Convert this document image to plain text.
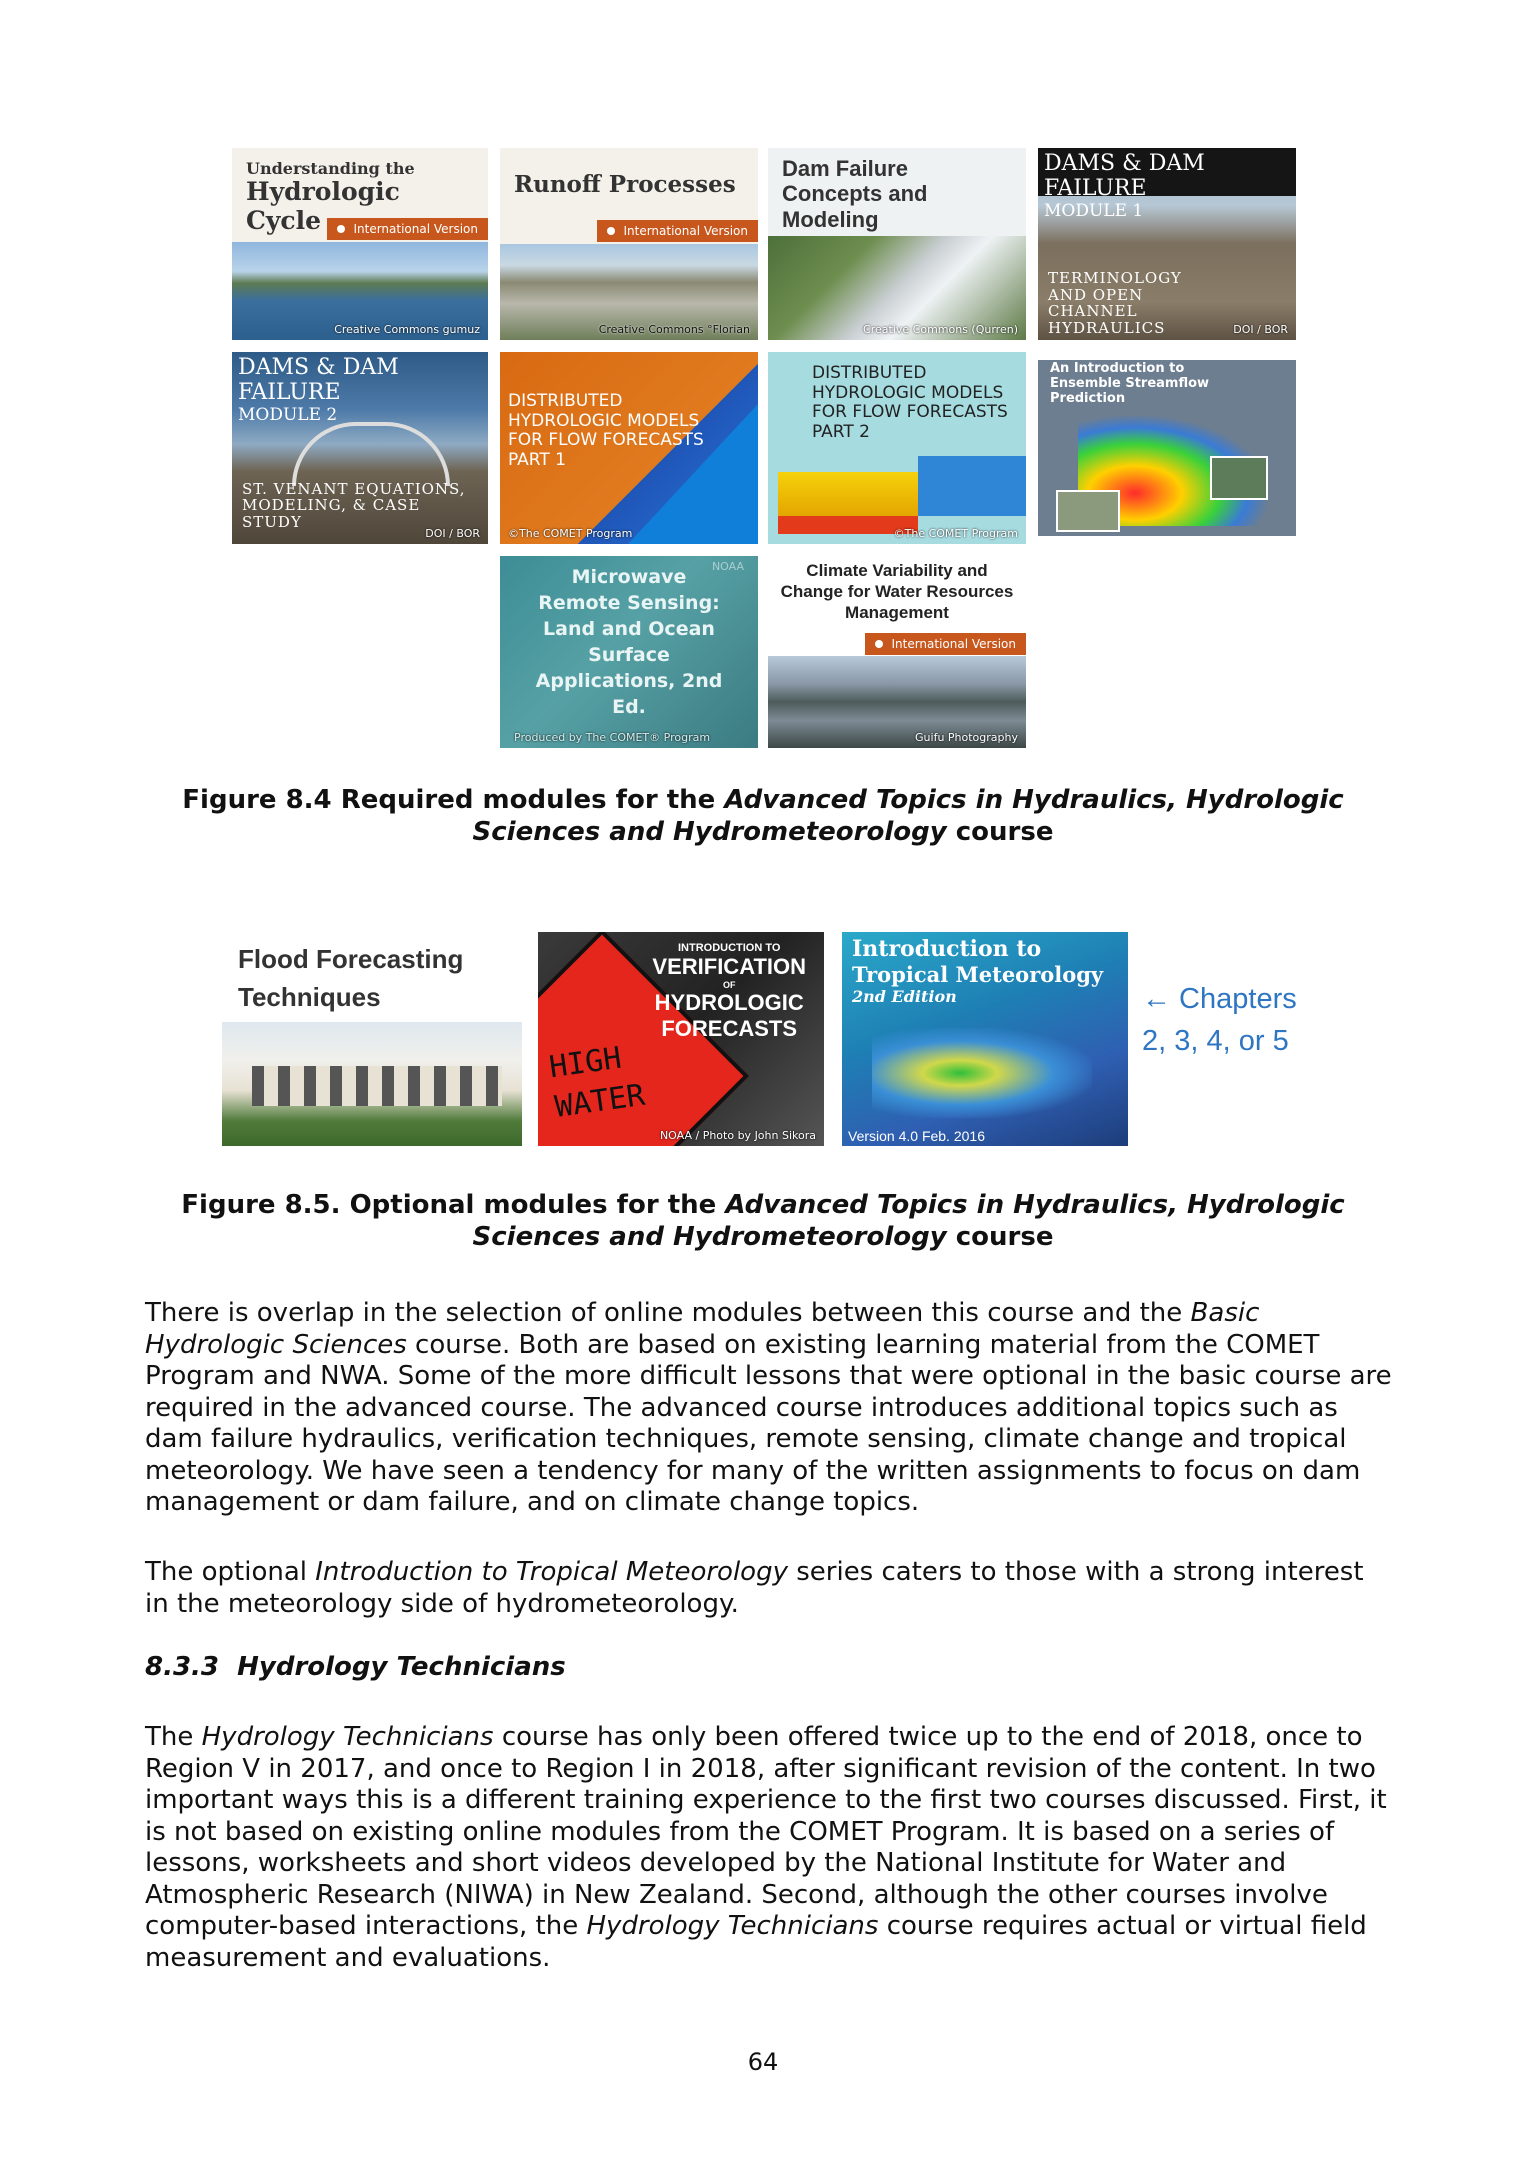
Understanding the
Hydrologic Cycle	International Version
Creative Commons gumuz
Runoff Processes
International Version
Creative Commons °Florian
Dam Failure Concepts and Modeling
Creative Commons (Qurren)
DAMS & DAM FAILURE
MODULE 1
TERMINOLOGY AND OPEN CHANNEL HYDRAULICS	DOI / BOR
DAMS & DAM FAILURE
MODULE 2
ST. VENANT EQUATIONS, MODELING, & CASE STUDY
DOI / BOR
DISTRIBUTED HYDROLOGIC MODELS FOR FLOW FORECASTS PART 1
©The COMET Program
DISTRIBUTED HYDROLOGIC MODELS FOR FLOW FORECASTS PART 2
©The COMET Program
An Introduction to Ensemble Streamflow Prediction
NOAA
Microwave Remote Sensing: Land and Ocean Surface Applications, 2nd Ed.
Produced by The COMET® Program
Climate Variability and Change for Water Resources Management
International Version
Guifu Photography
Figure 8.4 Required modules for the Advanced Topics in Hydraulics, Hydrologic Sciences and Hydrometeorology course
Flood Forecasting
Techniques
HIGH
WATER
INTRODUCTION TO
VERIFICATION
OF
HYDROLOGIC
FORECASTS
NOAA / Photo by John Sikora
Introduction to
Tropical Meteorology
2nd Edition
Version 4.0 Feb. 2016
← Chapters
2, 3, 4, or 5
Figure 8.5. Optional modules for the Advanced Topics in Hydraulics, Hydrologic Sciences and Hydrometeorology course

There is overlap in the selection of online modules between this course and the Basic Hydrologic Sciences course. Both are based on existing learning material from the COMET Program and NWA. Some of the more difficult lessons that were optional in the basic course are required in the advanced course. The advanced course introduces additional topics such as dam failure hydraulics, verification techniques, remote sensing, climate change and tropical meteorology. We have seen a tendency for many of the written assignments to focus on dam management or dam failure, and on climate change topics.

The optional Introduction to Tropical Meteorology series caters to those with a strong interest in the meteorology side of hydrometeorology.

8.3.3  Hydrology Technicians

The Hydrology Technicians course has only been offered twice up to the end of 2018, once to Region V in 2017, and once to Region I in 2018, after significant revision of the content. In two important ways this is a different training experience to the first two courses discussed. First, it is not based on existing online modules from the COMET Program. It is based on a series of lessons, worksheets and short videos developed by the National Institute for Water and Atmospheric Research (NIWA) in New Zealand. Second, although the other courses involve computer-based interactions, the Hydrology Technicians course requires actual or virtual field measurement and evaluations.

64
